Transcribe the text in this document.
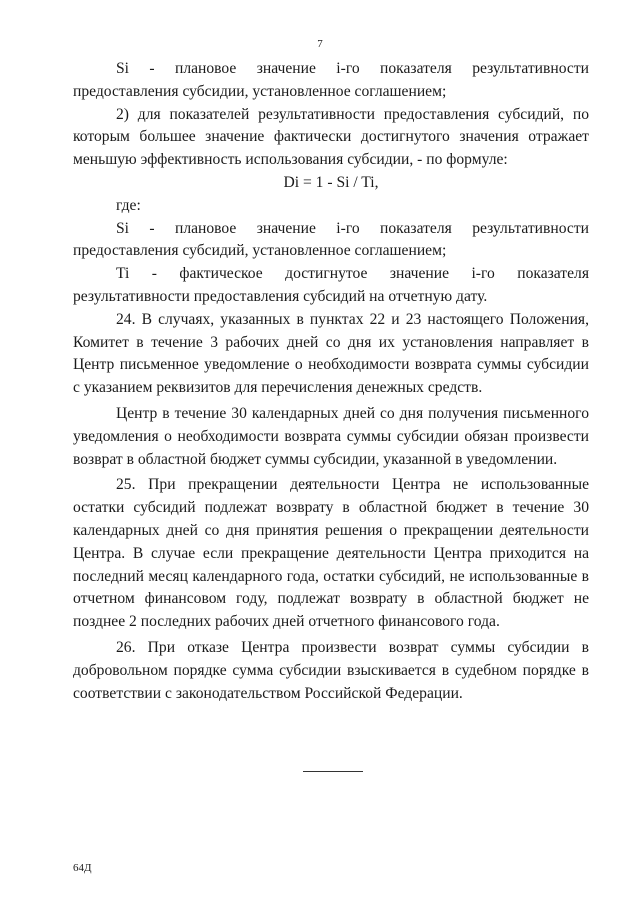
7

Si - плановое значение i-го показателя результативности предоставления субсидии, установленное соглашением;

2) для показателей результативности предоставления субсидий, по которым большее значение фактически достигнутого значения отражает меньшую эффективность использования субсидии, - по формуле:

Di = 1 - Si / Ti,

где:

Si - плановое значение i-го показателя результативности предоставления субсидий, установленное соглашением;

Ti - фактическое достигнутое значение i-го показателя результативности предоставления субсидий на отчетную дату.

24. В случаях, указанных в пунктах 22 и 23 настоящего Положения, Комитет в течение 3 рабочих дней со дня их установления направляет в Центр письменное уведомление о необходимости возврата суммы субсидии с указанием реквизитов для перечисления денежных средств.

Центр в течение 30 календарных дней со дня получения письменного уведомления о необходимости возврата суммы субсидии обязан произвести возврат в областной бюджет суммы субсидии, указанной в уведомлении.

25. При прекращении деятельности Центра не использованные остатки субсидий подлежат возврату в областной бюджет в течение 30 календарных дней со дня принятия решения о прекращении деятельности Центра. В случае если прекращение деятельности Центра приходится на последний месяц календарного года, остатки субсидий, не использованные в отчетном финансовом году, подлежат возврату в областной бюджет не позднее 2 последних рабочих дней отчетного финансового года.

26. При отказе Центра произвести возврат суммы субсидии в добровольном порядке сумма субсидии взыскивается в судебном порядке в соответствии с законодательством Российской Федерации.

64Д
